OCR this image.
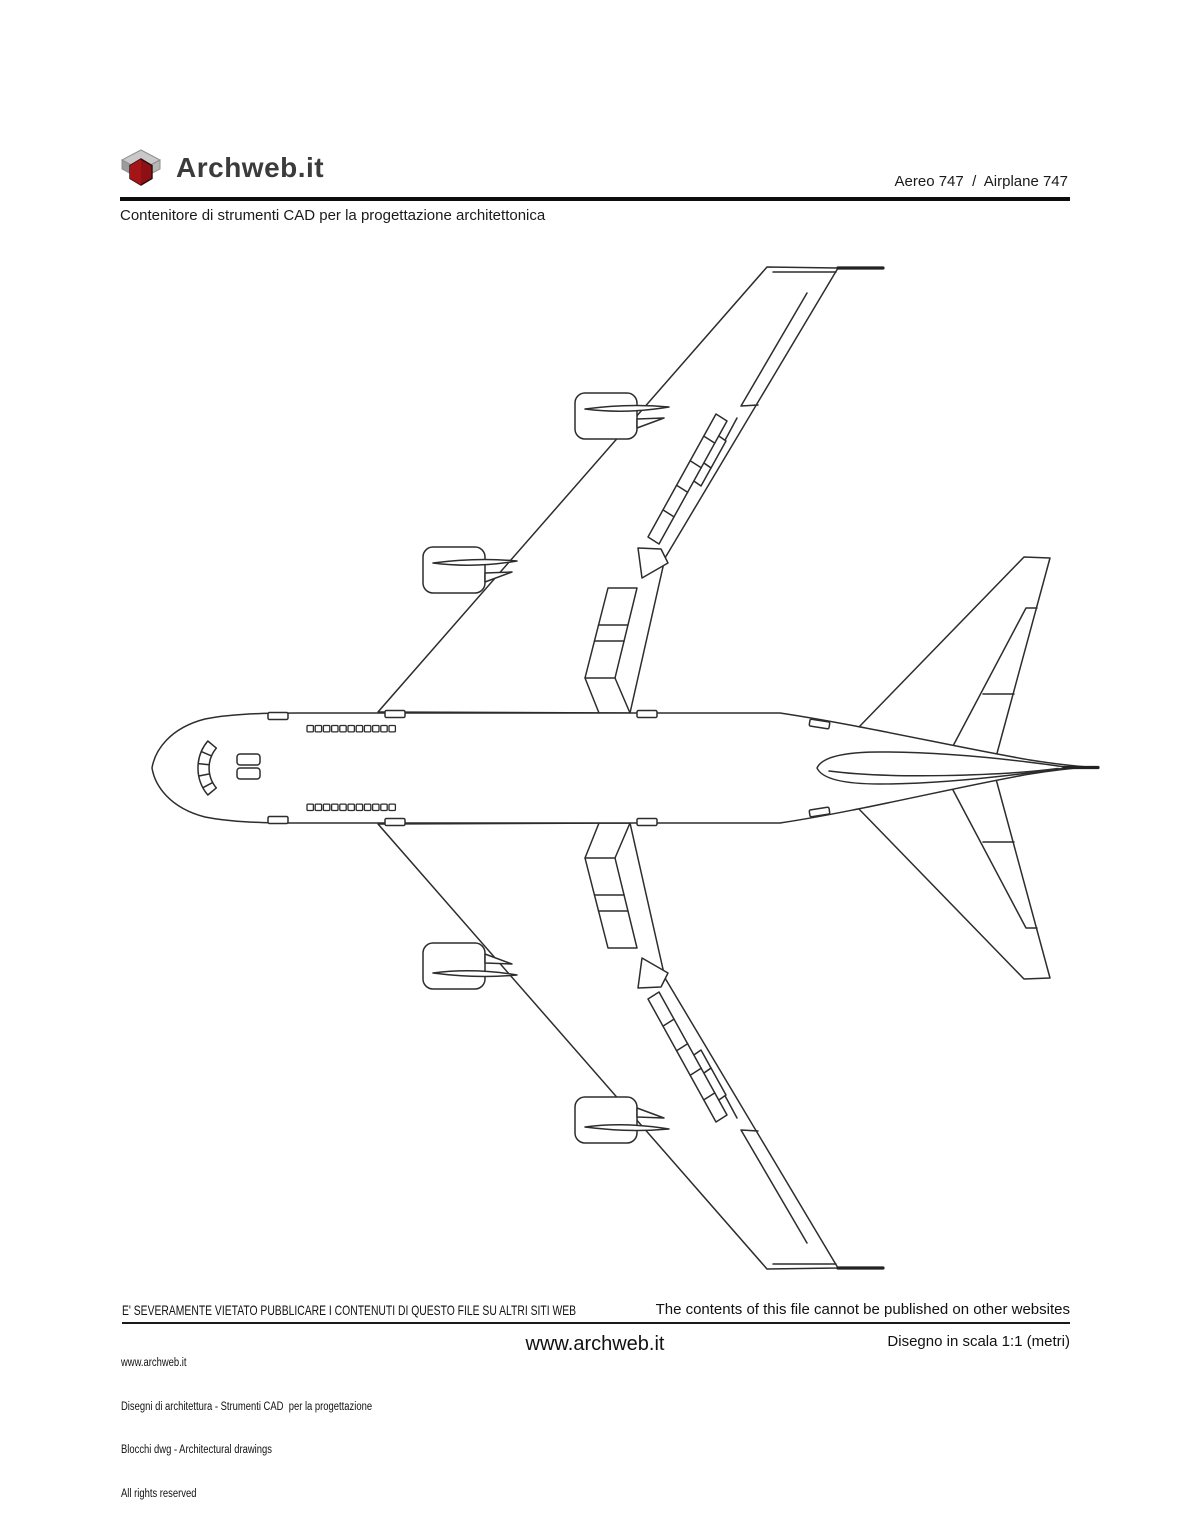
Archweb.it	Aereo 747  /  Airplane 747
Contenitore di strumenti CAD per la progettazione architettonica
E' SEVERAMENTE VIETATO PUBBLICARE I CONTENUTI DI QUESTO FILE SU ALTRI SITI WEB	The contents of this file cannot be published on other websites

www.archweb.it

Disegni di architettura - Strumenti CAD  per la progettazione

Blocchi dwg - Architectural drawings

All rights reserved

www.archweb.it	Disegno in scala 1:1 (metri)
